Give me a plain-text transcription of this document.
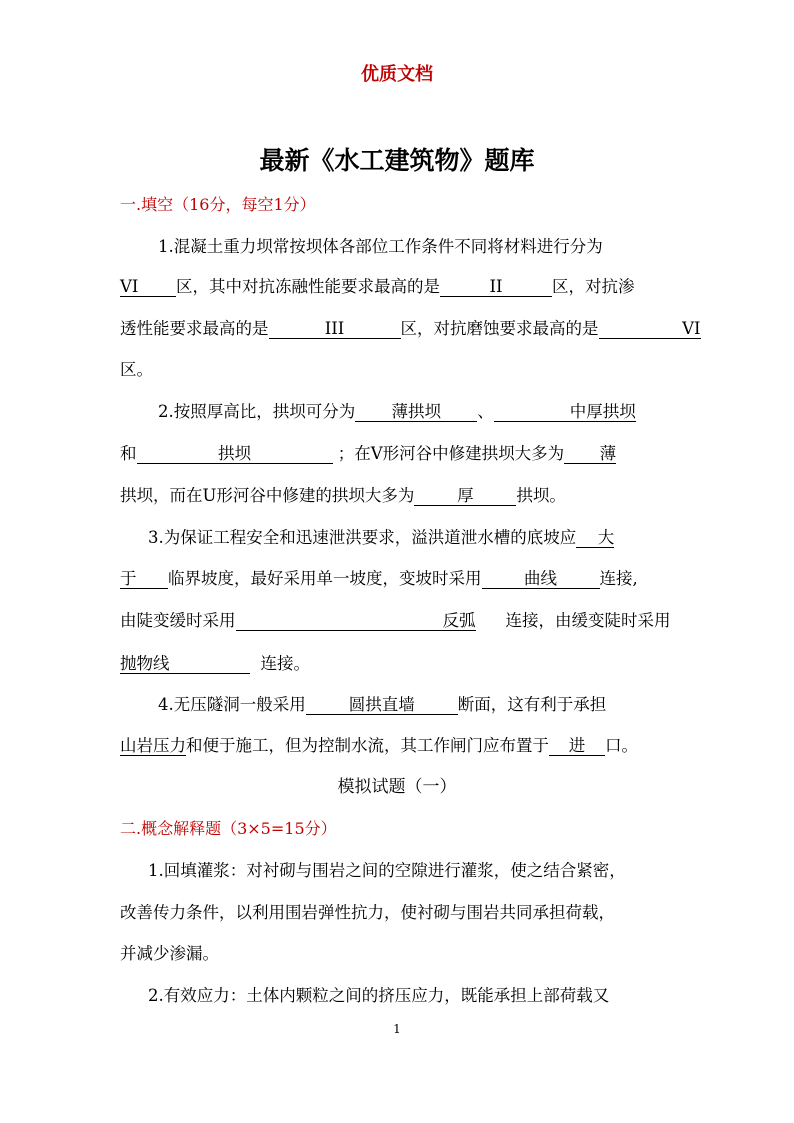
优质文档
最新《水工建筑物》题库
一.填空（16分，每空1分）
1.混凝土重力坝常按坝体各部位工作条件不同将材料进行分为
VI 区，其中对抗冻融性能要求最高的是	II	区，对抗渗
透性能要求最高的是	III	区，对抗磨蚀要求最高的是	VI
区。
2.按照厚高比，拱坝可分为 薄拱坝 、	中厚拱坝
和	拱坝	；在V形河谷中修建拱坝大多为 薄
拱坝，而在U形河谷中修建的拱坝大多为	厚	拱坝。
3.为保证工程安全和迅速泄洪要求，溢洪道泄水槽的底坡应 大
于 临界坡度，最好采用单一坡度，变坡时采用	曲线	连接,
由陡变缓时采用	反弧 连接，由缓变陡时采用
抛物线	连接。
4.无压隧洞一般采用	圆拱直墙	断面，这有利于承担
山岩压力和便于施工，但为控制水流，其工作闸门应布置于 进 口。
模拟试题（一）
二.概念解释题（3×5=15分）
1.回填灌浆：对衬砌与围岩之间的空隙进行灌浆，使之结合紧密，
改善传力条件，以利用围岩弹性抗力，使衬砌与围岩共同承担荷载，
并减少渗漏。
2.有效应力：土体内颗粒之间的挤压应力，既能承担上部荷载又
1
